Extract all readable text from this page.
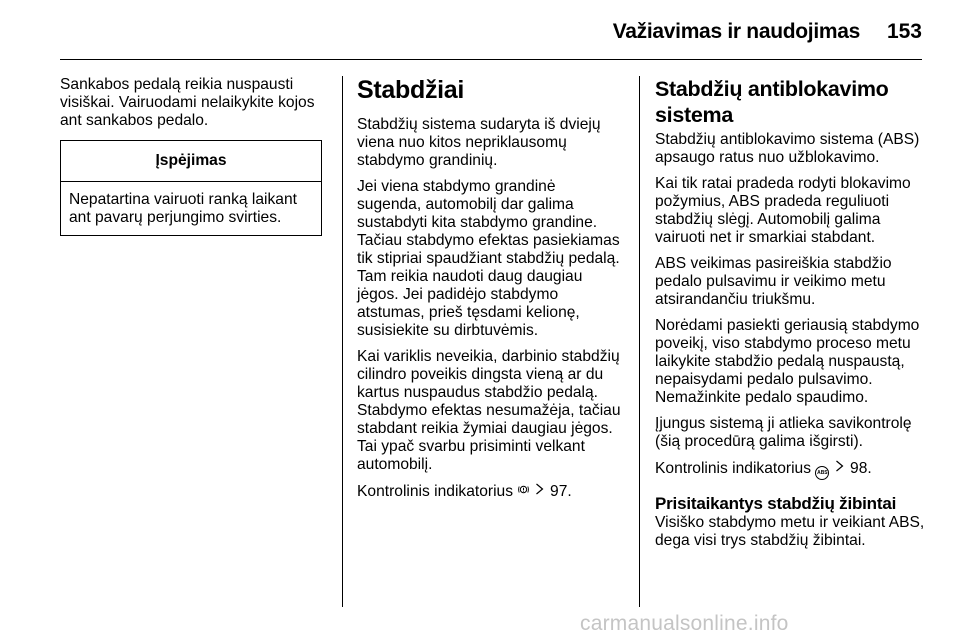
Važiavimas ir naudojimas	153

Sankabos pedalą reikia nuspausti visiškai. Vairuodami nelaikykite kojos ant sankabos pedalo.

Įspėjimas
Nepatartina vairuoti ranką laikant ant pavarų perjungimo svirties.
Stabdžiai

Stabdžių sistema sudaryta iš dviejų viena nuo kitos nepriklausomų stabdymo grandinių.

Jei viena stabdymo grandinė sugenda, automobilį dar galima sustabdyti kita stabdymo grandine. Tačiau stabdymo efektas pasiekiamas tik stipriai spaudžiant stabdžių pedalą. Tam reikia naudoti daug daugiau jėgos. Jei padidėjo stabdymo atstumas, prieš tęsdami kelionę, susisiekite su dirbtuvėmis.

Kai variklis neveikia, darbinio stabdžių cilindro poveikis dingsta vieną ar du kartus nuspaudus stabdžio pedalą. Stabdymo efektas nesumažėja, tačiau stabdant reikia žymiai daugiau jėgos. Tai ypač svarbu prisiminti velkant automobilį.

Kontrolinis indikatorius 97.

Stabdžių antiblokavimo sistema

Stabdžių antiblokavimo sistema (ABS) apsaugo ratus nuo užblokavimo.

Kai tik ratai pradeda rodyti blokavimo požymius, ABS pradeda reguliuoti stabdžių slėgį. Automobilį galima vairuoti net ir smarkiai stabdant.

ABS veikimas pasireiškia stabdžio pedalo pulsavimu ir veikimo metu atsirandančiu triukšmu.

Norėdami pasiekti geriausią stabdymo poveikį, viso stabdymo proceso metu laikykite stabdžio pedalą nuspaustą, nepaisydami pedalo pulsavimo. Nemažinkite pedalo spaudimo.

Įjungus sistemą ji atlieka savikontrolę (šią procedūrą galima išgirsti).

Kontrolinis indikatorius ABS 98.

Prisitaikantys stabdžių žibintai

Visiško stabdymo metu ir veikiant ABS, dega visi trys stabdžių žibintai.

carmanualsonline.info
